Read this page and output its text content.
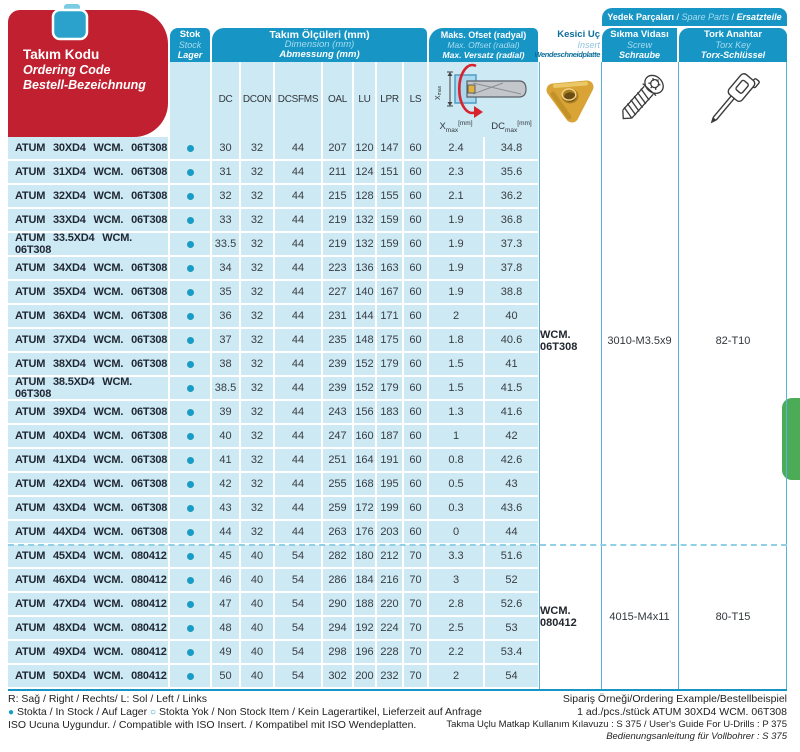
Takım Kodu
Ordering Code
Bestell-Bezeichnung
Stok
Stock
Lager
Takım Ölçüleri (mm)
Dimension (mm)
Abmessung (mm)
DC	DCON DCSFMS OAL	LU LPR	LS
Maks. Ofset (radyal)
Max. Offset (radial)
Max. Versatz (radial)
Xmax
$X_{max}[mm]$	$DC_{max}[mm]$
Kesici Uç
Insert
Wendeschneidplatte
Yedek Parçaları / Spare Parts / Ersatzteile
Sıkma Vidası
Screw
Schraube
Tork Anahtar
Torx Key
Torx-Schlüssel
ATUM 30XD4 WCM. 06T308	30	32	44	207 120 147 60	2.4	34.8
WCM. 06T308	3010-M3.5x9	82-T10
ATUM 31XD4 WCM. 06T308	31	32	44	211 124 151 60	2.3	35.6
ATUM 32XD4 WCM. 06T308	32	32	44	215 128 155 60	2.1	36.2
ATUM 33XD4 WCM. 06T308	33	32	44	219 132 159 60	1.9	36.8
ATUM 33.5XD4 WCM. 06T308	33.5	32	44	219 132 159 60	1.9	37.3
ATUM 34XD4 WCM. 06T308	34	32	44	223 136 163 60	1.9	37.8
ATUM 35XD4 WCM. 06T308	35	32	44	227 140 167 60	1.9	38.8
ATUM 36XD4 WCM. 06T308	36	32	44	231 144 171 60	2	40
ATUM 37XD4 WCM. 06T308	37	32	44	235 148 175 60	1.8	40.6
ATUM 38XD4 WCM. 06T308	38	32	44	239 152 179 60	1.5	41
ATUM 38.5XD4 WCM. 06T308	38.5	32	44	239 152 179 60	1.5	41.5
ATUM 39XD4 WCM. 06T308	39	32	44	243 156 183 60	1.3	41.6
ATUM 40XD4 WCM. 06T308	40	32	44	247 160 187 60	1	42
ATUM 41XD4 WCM. 06T308	41	32	44	251 164 191 60	0.8	42.6
ATUM 42XD4 WCM. 06T308	42	32	44	255 168 195 60	0.5	43
ATUM 43XD4 WCM. 06T308	43	32	44	259 172 199 60	0.3	43.6
ATUM 44XD4 WCM. 06T308	44	32	44	263 176 203 60	0	44
ATUM 45XD4 WCM. 080412	45	40	54	282 180 212 70	3.3	51.6
WCM. 080412	4015-M4x11	80-T15
ATUM 46XD4 WCM. 080412	46	40	54	286 184 216 70	3	52
ATUM 47XD4 WCM. 080412	47	40	54	290 188 220 70	2.8	52.6
ATUM 48XD4 WCM. 080412	48	40	54	294 192 224 70	2.5	53
ATUM 49XD4 WCM. 080412	49	40	54	298 196 228 70	2.2	53.4
ATUM 50XD4 WCM. 080412	50	40	54	302 200 232 70	2	54
R: Sağ / Right / Rechts/ L: Sol / Left / Links
● Stokta / In Stock / Auf Lager ○ Stokta Yok / Non Stock Item / Kein Lagerartikel, Lieferzeit auf Anfrage
ISO Ucuna Uygundur. / Compatible with ISO Insert. / Kompatibel mit ISO Wendeplatten.
Sipariş Örneği/Ordering Example/Bestellbeispiel
1 ad./pcs./stück ATUM 30XD4 WCM. 06T308
Takma Uçlu Matkap Kullanım Kılavuzu : S 375 / User's Guide For U-Drills : P 375
Bedienungsanleitung für Vollbohrer : S 375
